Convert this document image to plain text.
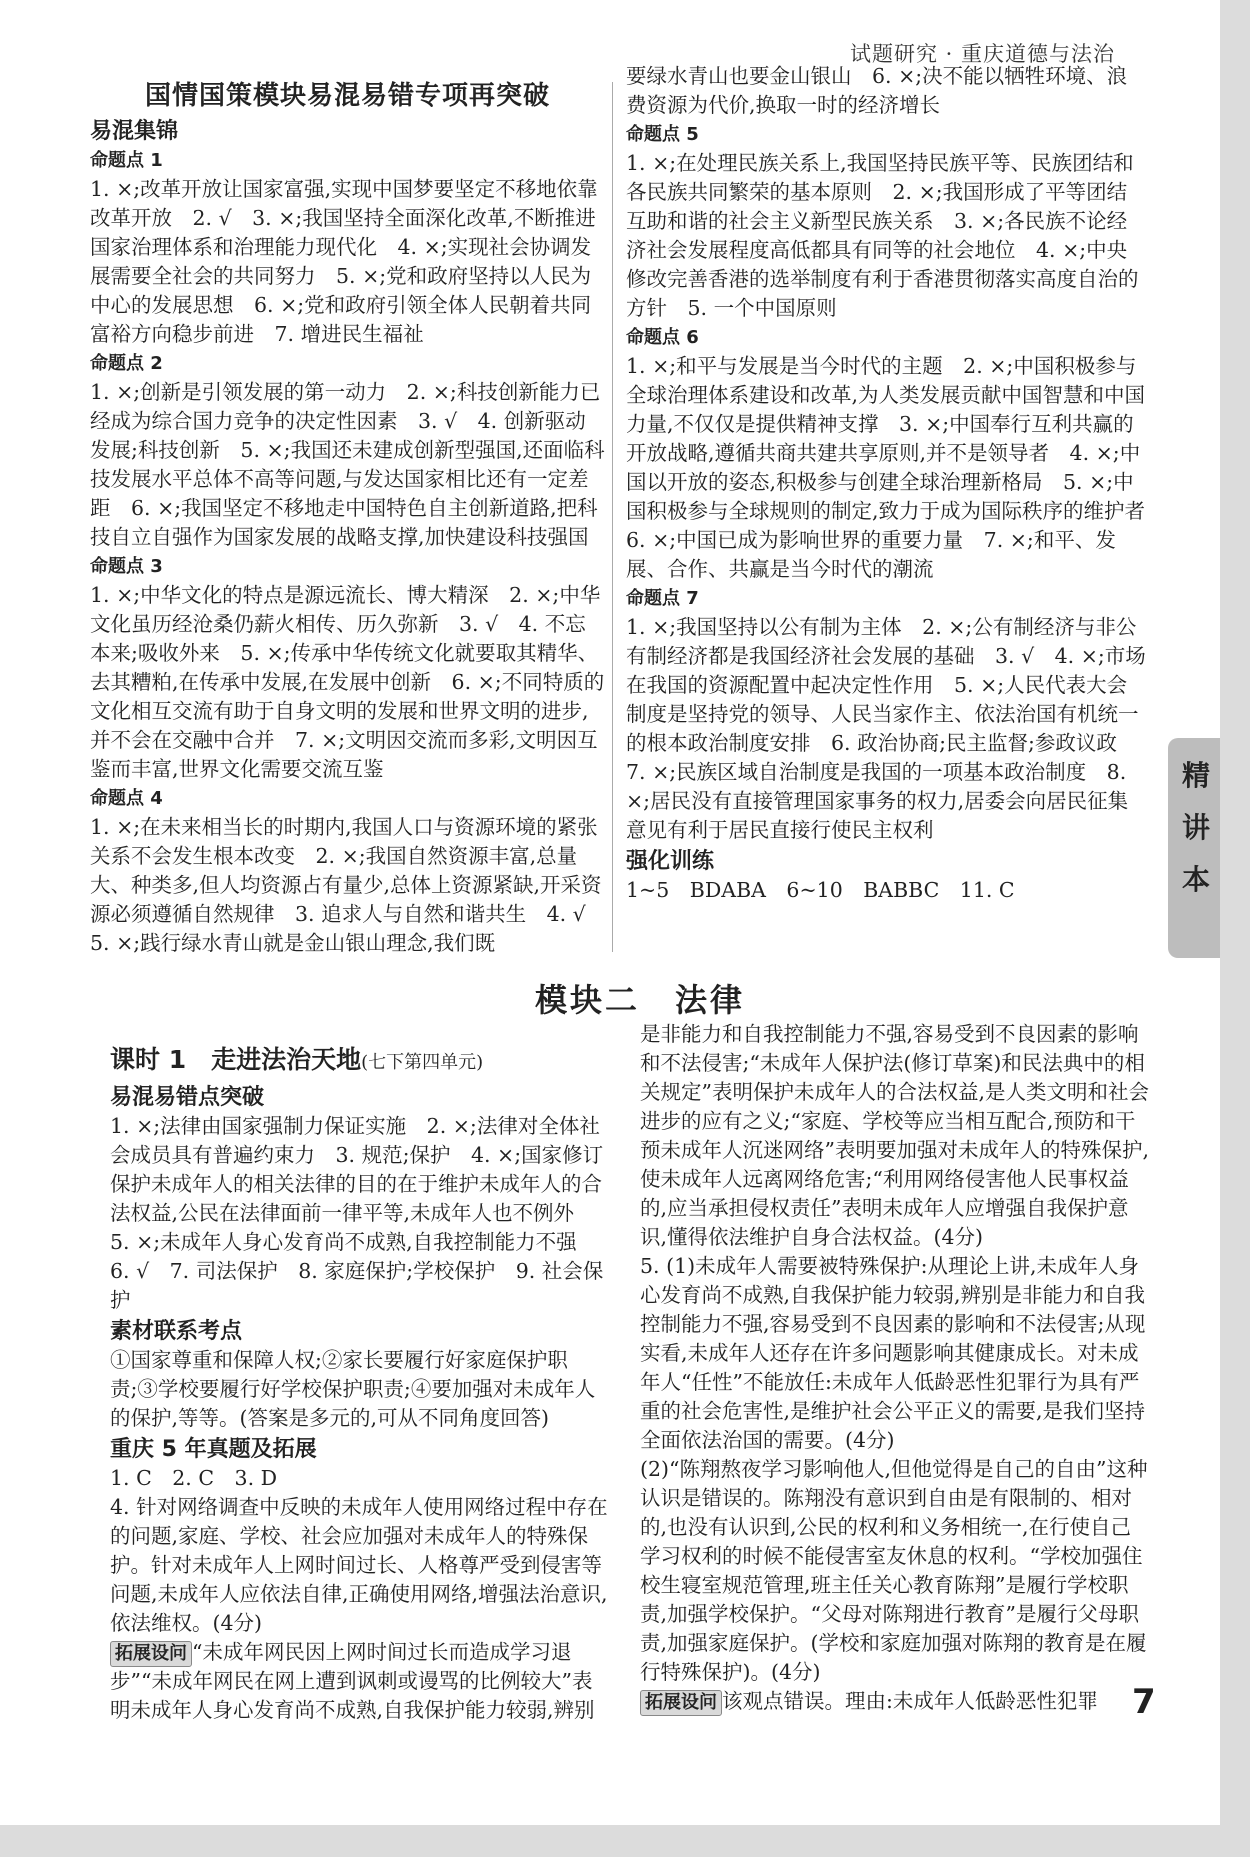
试题研究 · 重庆道德与法治

国情国策模块易混易错专项再突破

易混集锦

命题点 1

1. ×;改革开放让国家富强,实现中国梦要坚定不移地依靠改革开放　2. √　3. ×;我国坚持全面深化改革,不断推进国家治理体系和治理能力现代化　4. ×;实现社会协调发展需要全社会的共同努力　5. ×;党和政府坚持以人民为中心的发展思想　6. ×;党和政府引领全体人民朝着共同富裕方向稳步前进　7. 增进民生福祉

命题点 2

1. ×;创新是引领发展的第一动力　2. ×;科技创新能力已经成为综合国力竞争的决定性因素　3. √　4. 创新驱动发展;科技创新　5. ×;我国还未建成创新型强国,还面临科技发展水平总体不高等问题,与发达国家相比还有一定差距　6. ×;我国坚定不移地走中国特色自主创新道路,把科技自立自强作为国家发展的战略支撑,加快建设科技强国

命题点 3

1. ×;中华文化的特点是源远流长、博大精深　2. ×;中华文化虽历经沧桑仍薪火相传、历久弥新　3. √　4. 不忘本来;吸收外来　5. ×;传承中华传统文化就要取其精华、去其糟粕,在传承中发展,在发展中创新　6. ×;不同特质的文化相互交流有助于自身文明的发展和世界文明的进步,并不会在交融中合并　7. ×;文明因交流而多彩,文明因互鉴而丰富,世界文化需要交流互鉴

命题点 4

1. ×;在未来相当长的时期内,我国人口与资源环境的紧张关系不会发生根本改变　2. ×;我国自然资源丰富,总量大、种类多,但人均资源占有量少,总体上资源紧缺,开采资源必须遵循自然规律　3. 追求人与自然和谐共生　4. √　5. ×;践行绿水青山就是金山银山理念,我们既

要绿水青山也要金山银山　6. ×;决不能以牺牲环境、浪费资源为代价,换取一时的经济增长

命题点 5

1. ×;在处理民族关系上,我国坚持民族平等、民族团结和各民族共同繁荣的基本原则　2. ×;我国形成了平等团结互助和谐的社会主义新型民族关系　3. ×;各民族不论经济社会发展程度高低都具有同等的社会地位　4. ×;中央修改完善香港的选举制度有利于香港贯彻落实高度自治的方针　5. 一个中国原则

命题点 6

1. ×;和平与发展是当今时代的主题　2. ×;中国积极参与全球治理体系建设和改革,为人类发展贡献中国智慧和中国力量,不仅仅是提供精神支撑　3. ×;中国奉行互利共赢的开放战略,遵循共商共建共享原则,并不是领导者　4. ×;中国以开放的姿态,积极参与创建全球治理新格局　5. ×;中国积极参与全球规则的制定,致力于成为国际秩序的维护者　6. ×;中国已成为影响世界的重要力量　7. ×;和平、发展、合作、共赢是当今时代的潮流

命题点 7

1. ×;我国坚持以公有制为主体　2. ×;公有制经济与非公有制经济都是我国经济社会发展的基础　3. √　4. ×;市场在我国的资源配置中起决定性作用　5. ×;人民代表大会制度是坚持党的领导、人民当家作主、依法治国有机统一的根本政治制度安排　6. 政治协商;民主监督;参政议政　7. ×;民族区域自治制度是我国的一项基本政治制度　8. ×;居民没有直接管理国家事务的权力,居委会向居民征集意见有利于居民直接行使民主权利

强化训练

1~5　BDABA　6~10　BABBC　11. C

模块二　法律

课时 1　走进法治天地(七下第四单元)

易混易错点突破

1. ×;法律由国家强制力保证实施　2. ×;法律对全体社会成员具有普遍约束力　3. 规范;保护　4. ×;国家修订保护未成年人的相关法律的目的在于维护未成年人的合法权益,公民在法律面前一律平等,未成年人也不例外　5. ×;未成年人身心发育尚不成熟,自我控制能力不强　6. √　7. 司法保护　8. 家庭保护;学校保护　9. 社会保护

素材联系考点

①国家尊重和保障人权;②家长要履行好家庭保护职责;③学校要履行好学校保护职责;④要加强对未成年人的保护,等等。(答案是多元的,可从不同角度回答)

重庆 5 年真题及拓展

1. C　2. C　3. D

4. 针对网络调查中反映的未成年人使用网络过程中存在的问题,家庭、学校、社会应加强对未成年人的特殊保护。针对未成年人上网时间过长、人格尊严受到侵害等问题,未成年人应依法自律,正确使用网络,增强法治意识,依法维权。(4分)

拓展设问 “未成年网民因上网时间过长而造成学习退步”“未成年网民在网上遭到讽刺或谩骂的比例较大”表明未成年人身心发育尚不成熟,自我保护能力较弱,辨别

是非能力和自我控制能力不强,容易受到不良因素的影响和不法侵害;“未成年人保护法(修订草案)和民法典中的相关规定”表明保护未成年人的合法权益,是人类文明和社会进步的应有之义;“家庭、学校等应当相互配合,预防和干预未成年人沉迷网络”表明要加强对未成年人的特殊保护,使未成年人远离网络危害;“利用网络侵害他人民事权益的,应当承担侵权责任”表明未成年人应增强自我保护意识,懂得依法维护自身合法权益。(4分)

5. (1)未成年人需要被特殊保护:从理论上讲,未成年人身心发育尚不成熟,自我保护能力较弱,辨别是非能力和自我控制能力不强,容易受到不良因素的影响和不法侵害;从现实看,未成年人还存在许多问题影响其健康成长。对未成年人“任性”不能放任:未成年人低龄恶性犯罪行为具有严重的社会危害性,是维护社会公平正义的需要,是我们坚持全面依法治国的需要。(4分)

(2)“陈翔熬夜学习影响他人,但他觉得是自己的自由”这种认识是错误的。陈翔没有意识到自由是有限制的、相对的,也没有认识到,公民的权利和义务相统一,在行使自己学习权利的时候不能侵害室友休息的权利。“学校加强住校生寝室规范管理,班主任关心教育陈翔”是履行学校职责,加强学校保护。“父母对陈翔进行教育”是履行父母职责,加强家庭保护。(学校和家庭加强对陈翔的教育是在履行特殊保护)。(4分)

拓展设问 该观点错误。理由:未成年人低龄恶性犯罪

精
讲
本
7
